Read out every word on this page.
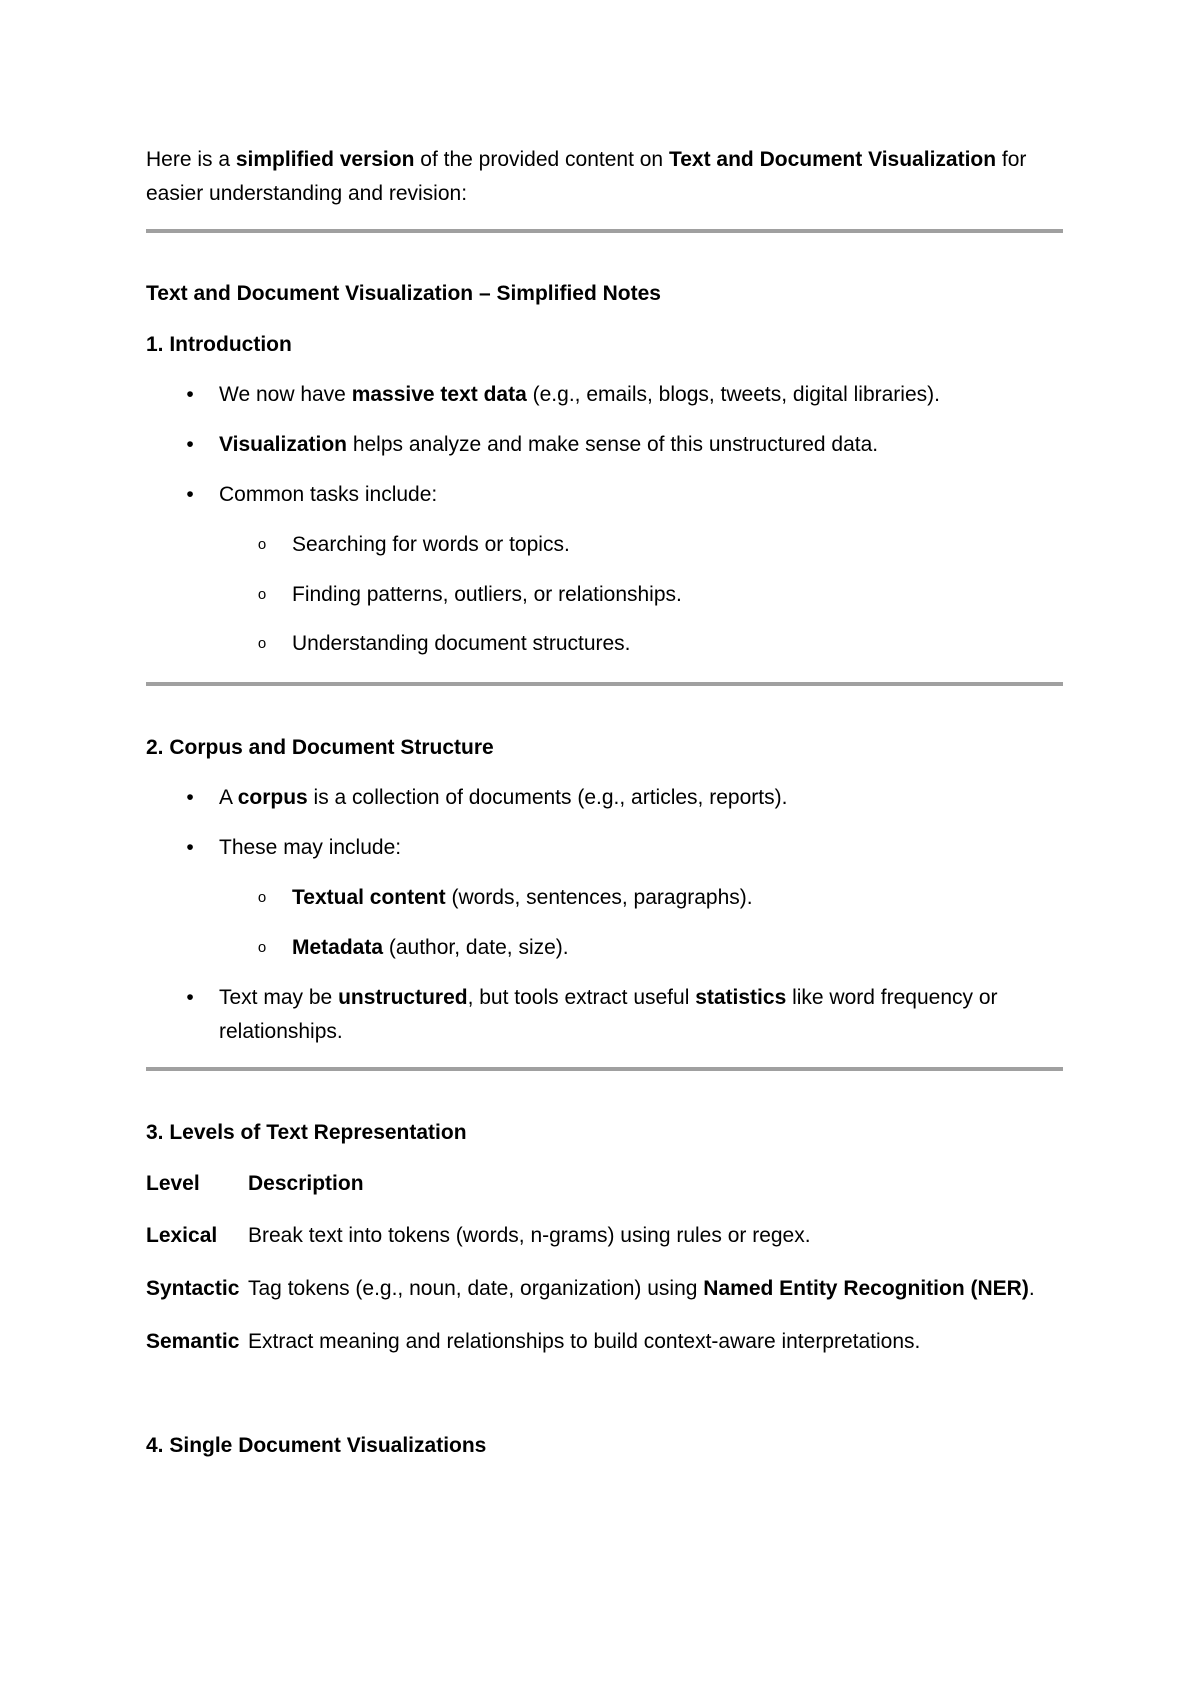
Here is a simplified version of the provided content on Text and Document Visualization for
easier understanding and revision:
Text and Document Visualization – Simplified Notes
1. Introduction
•	We now have massive text data (e.g., emails, blogs, tweets, digital libraries).
•	Visualization helps analyze and make sense of this unstructured data.
•	Common tasks include:
o Searching for words or topics.
o Finding patterns, outliers, or relationships.
o Understanding document structures.
2. Corpus and Document Structure
•	A corpus is a collection of documents (e.g., articles, reports).
•	These may include:
o Textual content (words, sentences, paragraphs).
o Metadata (author, date, size).
•	Text may be unstructured, but tools extract useful statistics like word frequency or
relationships.
3. Levels of Text Representation
Level Description
Lexical Break text into tokens (words, n-grams) using rules or regex.
Syntactic Tag tokens (e.g., noun, date, organization) using Named Entity Recognition (NER).
Semantic Extract meaning and relationships to build context-aware interpretations.
4. Single Document Visualizations
